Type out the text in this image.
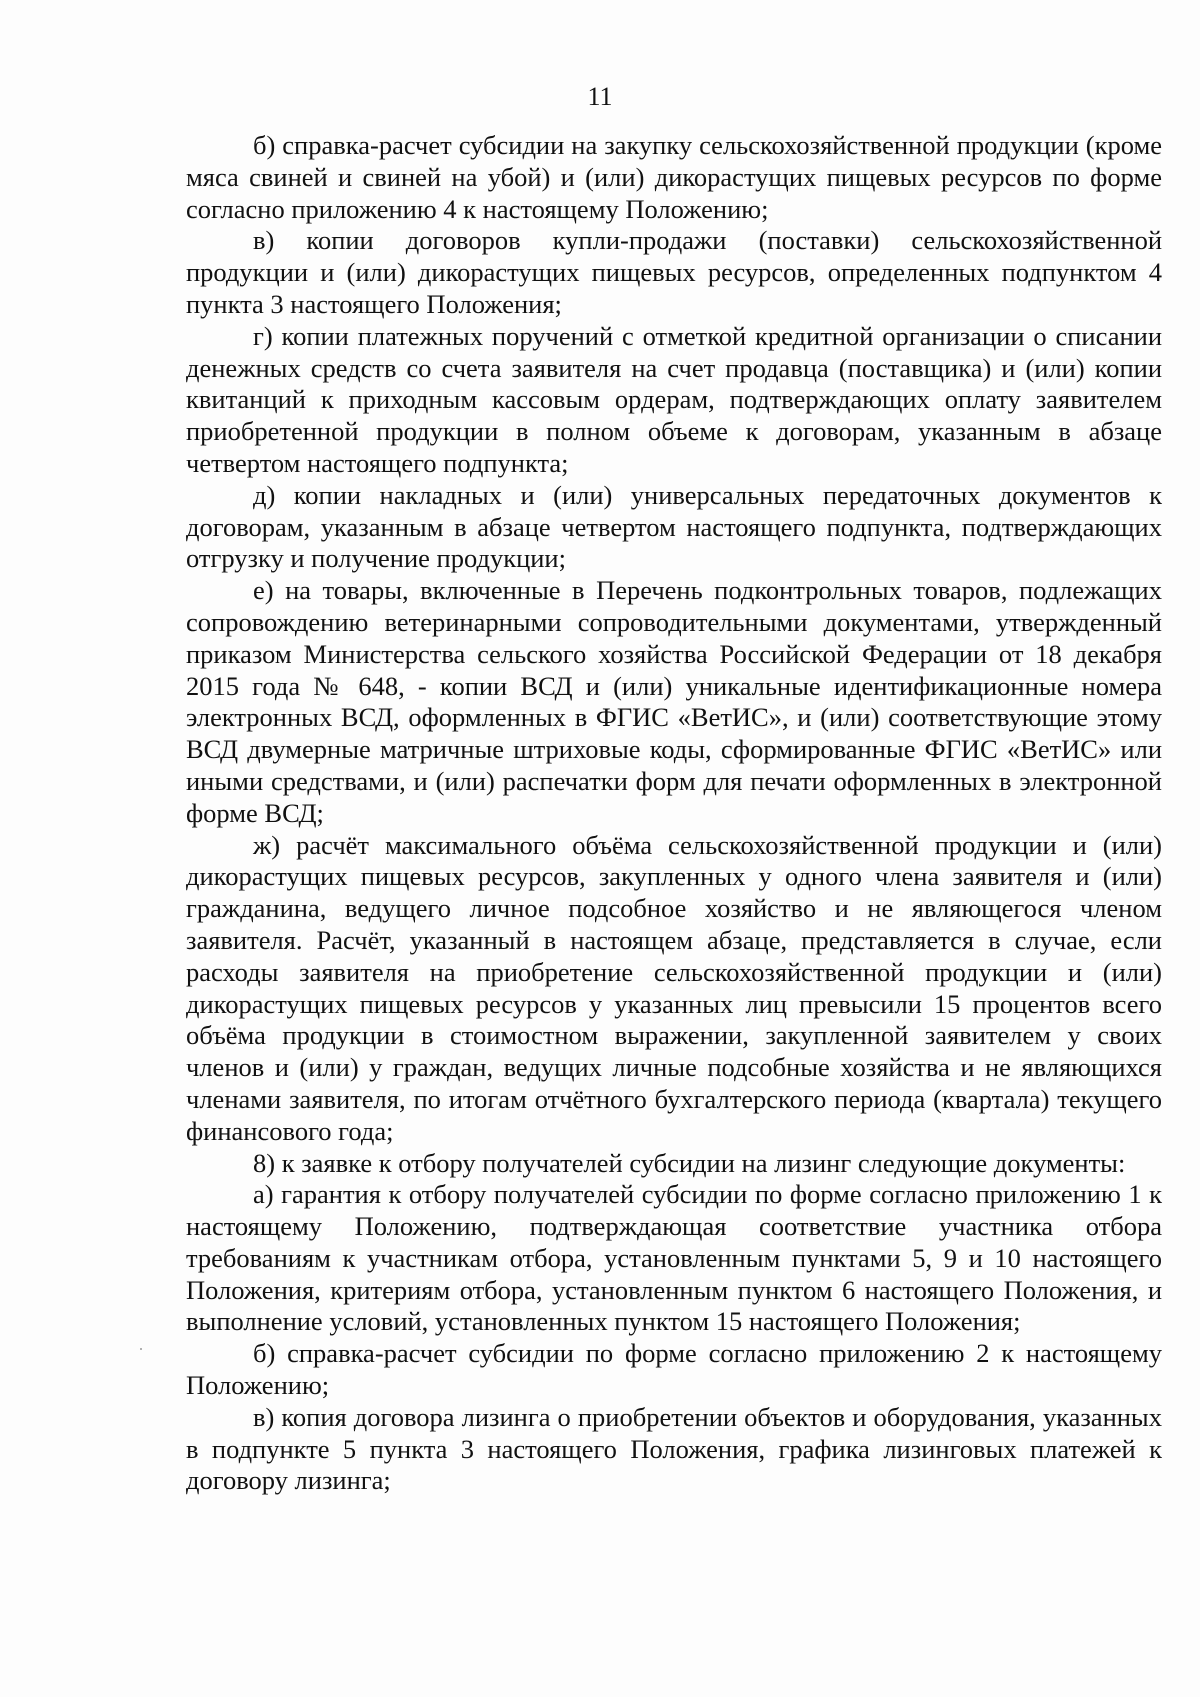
11

б) справка-расчет субсидии на закупку сельскохозяйственной продукции (кроме мяса свиней и свиней на убой) и (или) дикорастущих пищевых ресурсов по форме согласно приложению 4 к настоящему Положению;

в) копии договоров купли-продажи (поставки) сельскохозяйственной продукции и (или) дикорастущих пищевых ресурсов, определенных подпунктом 4 пункта 3 настоящего Положения;

г) копии платежных поручений с отметкой кредитной организации о списании денежных средств со счета заявителя на счет продавца (поставщика) и (или) копии квитанций к приходным кассовым ордерам, подтверждающих оплату заявителем приобретенной продукции в полном объеме к договорам, указанным в абзаце четвертом настоящего подпункта;

д) копии накладных и (или) универсальных передаточных документов к договорам, указанным в абзаце четвертом настоящего подпункта, подтверждающих отгрузку и получение продукции;

е) на товары, включенные в Перечень подконтрольных товаров, подлежащих сопровождению ветеринарными сопроводительными документами, утвержденный приказом Министерства сельского хозяйства Российской Федерации от 18 декабря 2015 года № 648, - копии ВСД и (или) уникальные идентификационные номера электронных ВСД, оформленных в ФГИС «ВетИС», и (или) соответствующие этому ВСД двумерные матричные штриховые коды, сформированные ФГИС «ВетИС» или иными средствами, и (или) распечатки форм для печати оформленных в электронной форме ВСД;

ж) расчёт максимального объёма сельскохозяйственной продукции и (или) дикорастущих пищевых ресурсов, закупленных у одного члена заявителя и (или) гражданина, ведущего личное подсобное хозяйство и не являющегося членом заявителя. Расчёт, указанный в настоящем абзаце, представляется в случае, если расходы заявителя на приобретение сельскохозяйственной продукции и (или) дикорастущих пищевых ресурсов у указанных лиц превысили 15 процентов всего объёма продукции в стоимостном выражении, закупленной заявителем у своих членов и (или) у граждан, ведущих личные подсобные хозяйства и не являющихся членами заявителя, по итогам отчётного бухгалтерского периода (квартала) текущего финансового года;

8) к заявке к отбору получателей субсидии на лизинг следующие документы:

а) гарантия к отбору получателей субсидии по форме согласно приложению 1 к настоящему Положению, подтверждающая соответствие участника отбора требованиям к участникам отбора, установленным пунктами 5, 9 и 10 настоящего Положения, критериям отбора, установленным пунктом 6 настоящего Положения, и выполнение условий, установленных пунктом 15 настоящего Положения;

б) справка-расчет субсидии по форме согласно приложению 2 к настоящему Положению;

в) копия договора лизинга о приобретении объектов и оборудования, указанных в подпункте 5 пункта 3 настоящего Положения, графика лизинговых платежей к договору лизинга;
